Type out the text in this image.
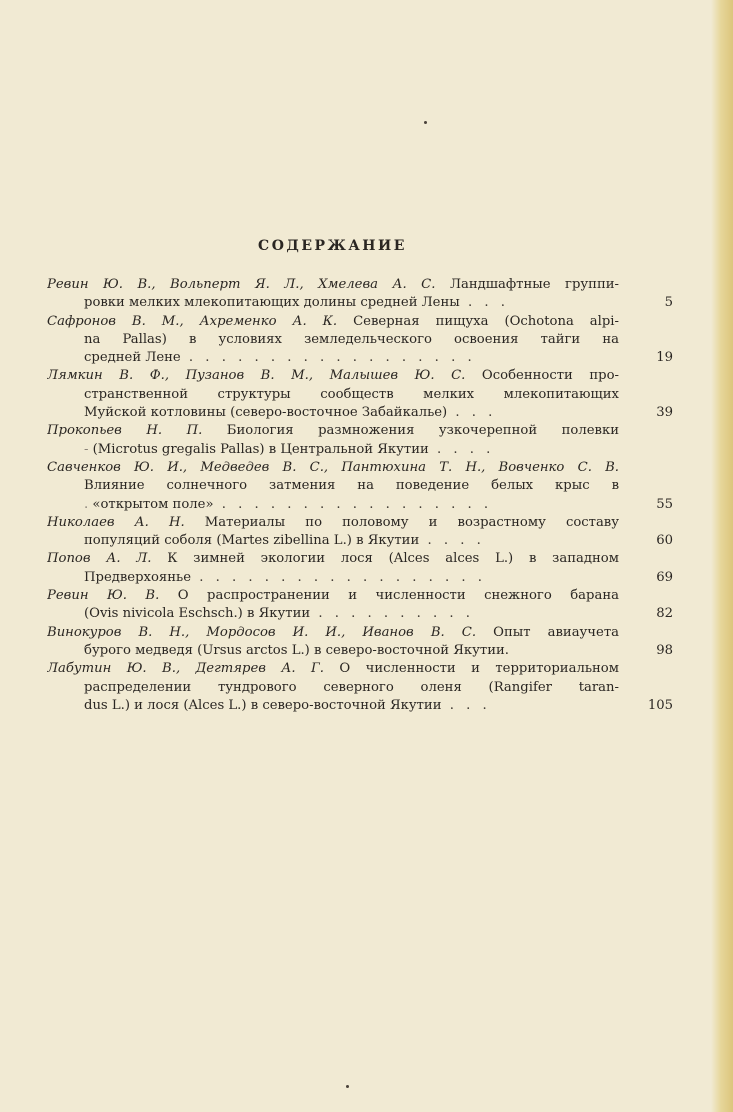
СОДЕРЖАНИЕ
Ревин Ю. В., Вольперт Я. Л., Хмелева А. С. Ландшафтные группи-
ровки мелких млекопитающих долины средней Лены . . .	5
Сафронов В. М., Ахременко А. К. Северная пищуха (Ochotona alpi-
na Pallas) в условиях земледельческого освоения тайги на
средней Лене . . . . . . . . . . . . . . . . . .	19
Лямкин В. Ф., Пузанов В. М., Малышев Ю. С. Особенности про-
странственной структуры сообществ мелких млекопитающих
Муйской котловины (северо-восточное Забайкалье) . . .	39
Прокопьев Н. П. Биология размножения узкочерепной полевки
- (Microtus gregalis Pallas) в Центральной Якутии . . . .
Савченков Ю. И., Медведев В. С., Пантюхина Т. Н., Вовченко С. В.
Влияние солнечного затмения на поведение белых крыс в
. «открытом поле» . . . . . . . . . . . . . . . . .	55
Николаев А. Н. Материалы по половому и возрастному составу
популяций соболя (Martes zibellina L.) в Якутии . . . .	60
Попов А. Л. К зимней экологии лося (Alces alces L.) в западном
Предверхоянье . . . . . . . . . . . . . . . . . .	69
Ревин Ю. В. О распространении и численности снежного барана
(Ovis nivicola Eschsch.) в Якутии . . . . . . . . . .	82
Винокуров В. Н., Мордосов И. И., Иванов В. С. Опыт авиаучета
бурого медведя (Ursus arctos L.) в северо-восточной Якутии.	98
Лабутин Ю. В., Дегтярев А. Г. О численности и территориальном
распределении тундрового северного оленя (Rangifer taran-
dus L.) и лося (Alces L.) в северо-восточной Якутии . . .	105
